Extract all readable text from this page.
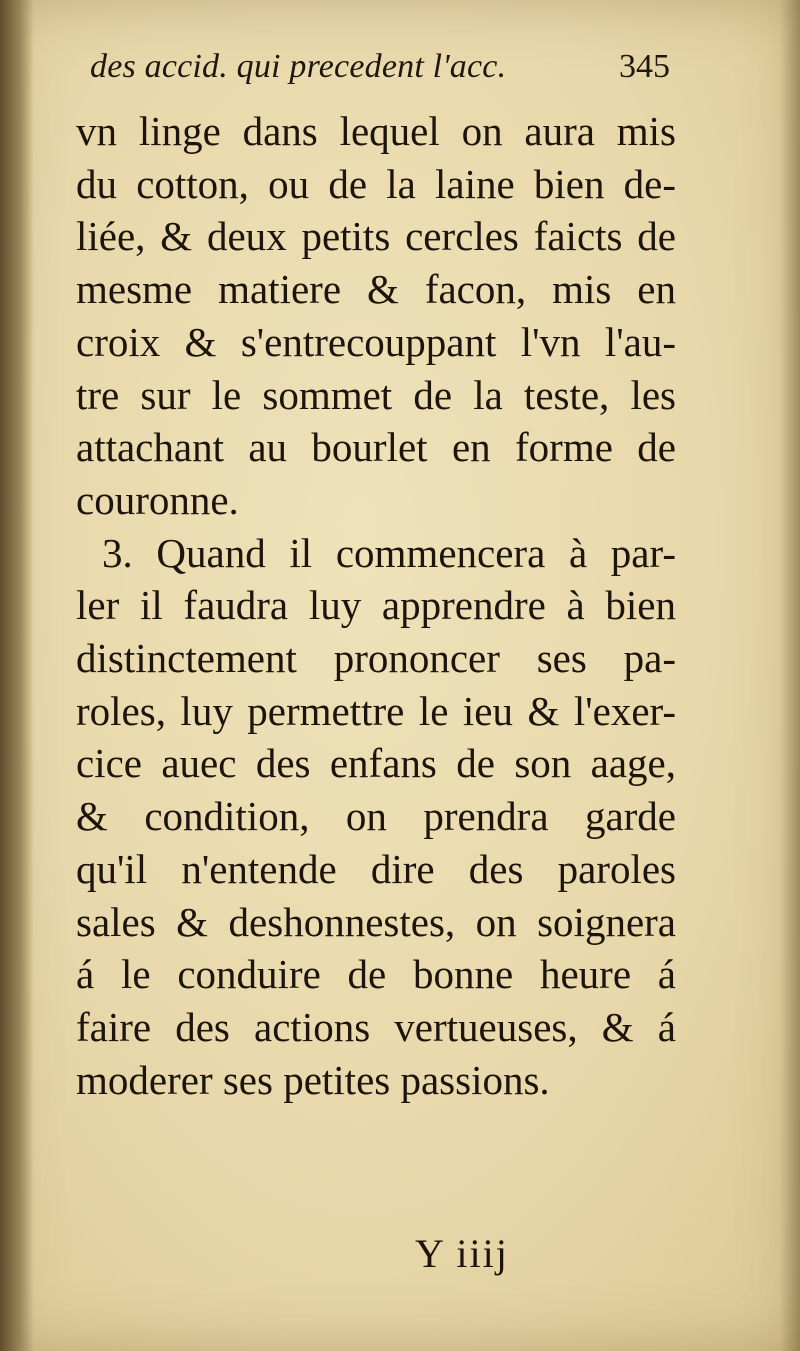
des accid. qui precedent l'acc.	345
vn linge dans lequel on aura mis
du cotton, ou de la laine bien de-
liée, & deux petits cercles faicts de
mesme matiere & facon, mis en
croix & s'entrecouppant l'vn l'au-
tre sur le sommet de la teste, les
attachant au bourlet en forme de
couronne.
3. Quand il commencera à par-
ler il faudra luy apprendre à bien
distinctement prononcer ses pa-
roles, luy permettre le ieu & l'exer-
cice auec des enfans de son aage,
& condition, on prendra garde
qu'il n'entende dire des paroles
sales & deshonnestes, on soignera
á le conduire de bonne heure á
faire des actions vertueuses, & á
moderer ses petites passions.
Y iiij
